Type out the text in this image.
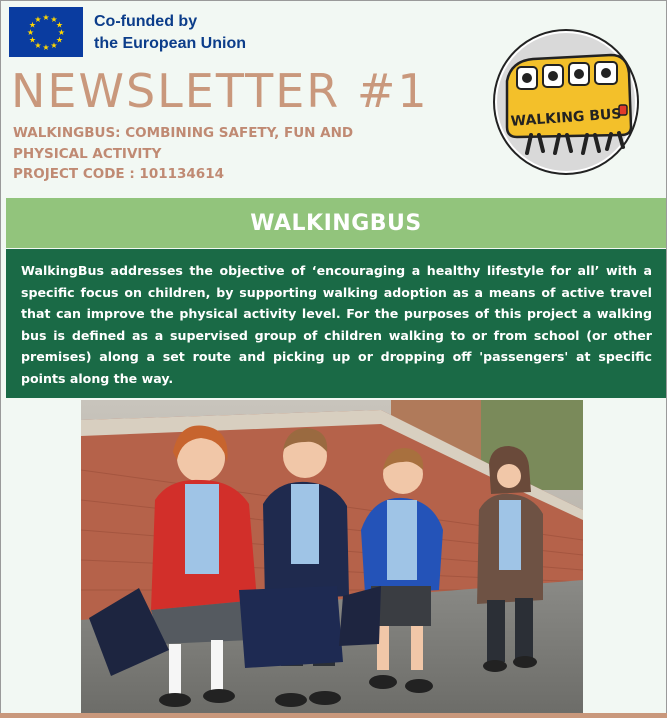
★ ★
★
★
★
★
★
★
★
★
★
★	Co-funded by
the European Union
NEWSLETTER #1
WALKINGBUS: COMBINING SAFETY, FUN AND PHYSICAL ACTIVITY
PROJECT CODE : 101134614
WALKING BUS
WALKINGBUS

WalkingBus addresses the objective of ‘encouraging a healthy lifestyle for all’ with a specific focus on children, by supporting walking adoption as a means of active travel that can improve the physical activity level. For the purposes of this project a walking bus is defined as a supervised group of children walking to or from school (or other premises) along a set route and picking up or dropping off 'passengers' at specific points along the way.
